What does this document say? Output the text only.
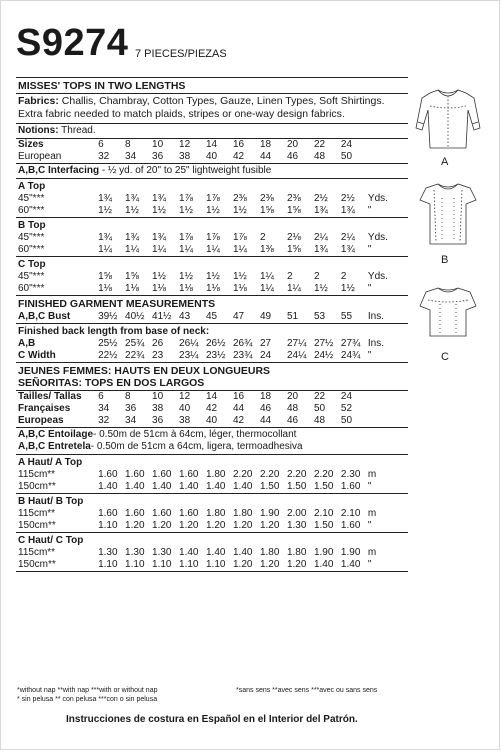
S9274 7 PIECES/PIEZAS
MISSES' TOPS IN TWO LENGTHS
Fabrics: Challis, Chambray, Cotton Types, Gauze, Linen Types, Soft Shirtings. Extra fabric needed to match plaids, stripes or one-way design fabrics.
Notions: Thread.
Sizes	6	8	10	12	14	16	18	20	22	24	
European	32	34	36	38	40	42	44	46	48	50	
A,B,C Interfacing - ½ yd. of 20" to 25" lightweight fusible
A Top
45"***	1¾	1¾	1¾	1⅞	1⅞	2⅜	2⅜	2⅜	2½	2½	Yds.
60"***	1½	1½	1½	1½	1½	1½	1⅝	1⅝	1¾	1¾	"
B Top
45"***	1¾	1¾	1¾	1⅞	1⅞	1⅞	2	2⅛	2¼	2¼	Yds.
60"***	1¼	1¼	1¼	1¼	1¼	1¼	1⅜	1⅝	1¾	1¾	"
C Top
45"***	1⅝	1⅝	1½	1½	1½	1½	1¼	2	2	2	Yds.
60"***	1⅛	1⅛	1⅛	1⅛	1⅛	1⅛	1¼	1¼	1½	1½	"
FINISHED GARMENT MEASUREMENTS
A,B,C Bust	39½	40½	41½	43	45	47	49	51	53	55	Ins.
Finished back length from base of neck:
A,B	25½	25¾	26	26¼	26½	26¾	27	27¼	27½	27¾	Ins.
C Width	22½	22¾	23	23¼	23½	23¾	24	24¼	24½	24¾	"
JEUNES FEMMES: HAUTS EN DEUX LONGUEURS
SEÑORITAS: TOPS EN DOS LARGOS
Tailles/ Tallas	6	8	10	12	14	16	18	20	22	24	
Françaises	34	36	38	40	42	44	46	48	50	52	
Europeas	32	34	36	38	40	42	44	46	48	50	
A,B,C Entoilage- 0.50m de 51cm à 64cm, léger, thermocollant
A,B,C Entretela- 0.50m de 51cm a 64cm, ligera, termoadhesiva
A Haut/ A Top
115cm**	1.60	1.60	1.60	1.60	1.80	2.20	2.20	2.20	2.20	2.30	m
150cm**	1.40	1.40	1.40	1.40	1.40	1.40	1.50	1.50	1.50	1.60	"
B Haut/ B Top
115cm**	1.60	1.60	1.60	1.60	1.80	1.80	1.90	2.00	2.10	2.10	m
150cm**	1.10	1.20	1.20	1.20	1.20	1.20	1.20	1.30	1.50	1.60	"
C Haut/ C Top
115cm**	1.30	1.30	1.30	1.40	1.40	1.40	1.80	1.80	1.90	1.90	m
150cm**	1.10	1.10	1.10	1.10	1.10	1.20	1.20	1.20	1.40	1.40	"
*without nap **with nap ***with or without nap
* sin pelusa ** con pelusa ***con o sin pelusa
*sans sens **avec sens ***avec ou sans sens
Instrucciones de costura en Español en el Interior del Patrón.
A
B
C
